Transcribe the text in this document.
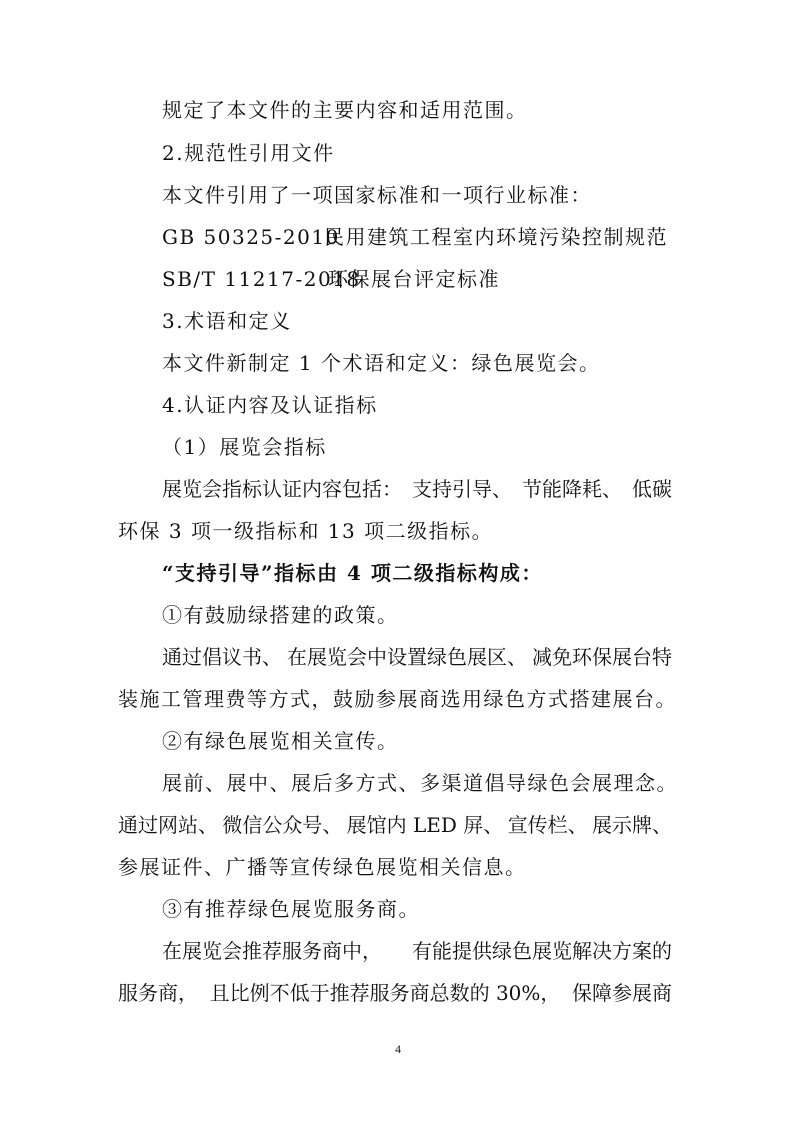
规定了本文件的主要内容和适用范围。
2.规范性引用文件
本文件引用了一项国家标准和一项行业标准：
GB 50325-2010民用建筑工程室内环境污染控制规范
SB/T 11217-2018环保展台评定标准
3.术语和定义
本文件新制定 1 个术语和定义：绿色展览会。
4.认证内容及认证指标
（1）展览会指标
展览会指标认证内容包括： 支持引导、 节能降耗、 低碳
环保 3 项一级指标和 13 项二级指标。
“支持引导”指标由 4 项二级指标构成：
①有鼓励绿搭建的政策。
通过倡议书、 在展览会中设置绿色展区、 减免环保展台特
装施工管理费等方式，鼓励参展商选用绿色方式搭建展台。
②有绿色展览相关宣传。
展前、展中、展后多方式、多渠道倡导绿色会展理念。
通过网站、 微信公众号、 展馆内 LED 屏、 宣传栏、 展示牌、
参展证件、广播等宣传绿色展览相关信息。
③有推荐绿色展览服务商。
在展览会推荐服务商中， 有能提供绿色展览解决方案的
服务商， 且比例不低于推荐服务商总数的 30%， 保障参展商
4
